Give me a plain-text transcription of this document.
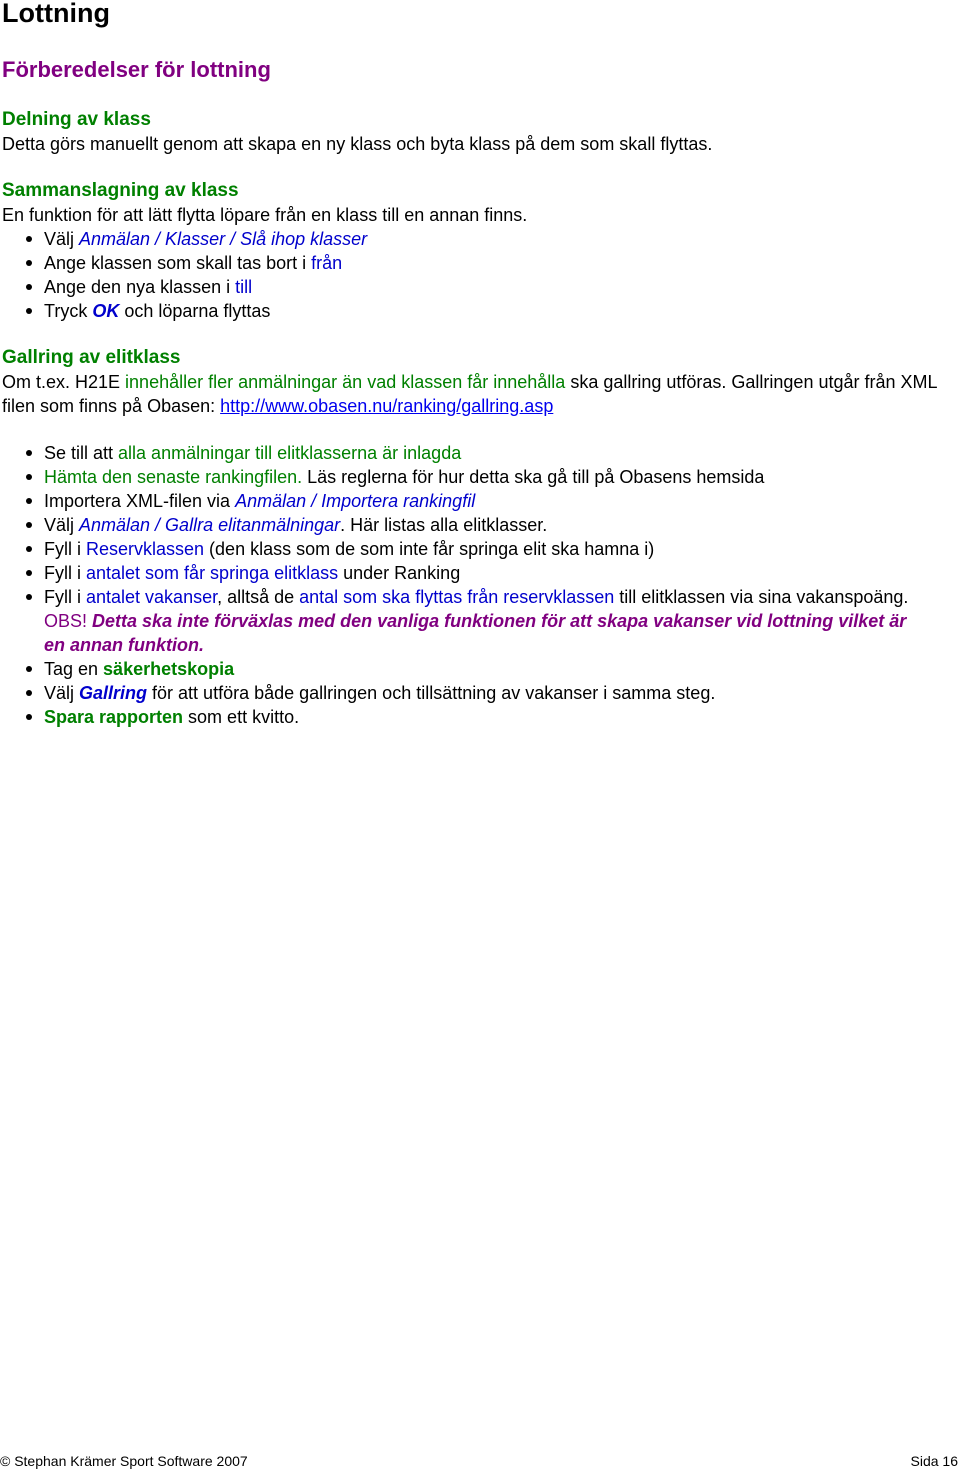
Lottning
Förberedelser för lottning
Delning av klass
Detta görs manuellt genom att skapa en ny klass och byta klass på dem som skall flyttas.
Sammanslagning av klass
En funktion för att lätt flytta löpare från en klass till en annan finns.
Välj Anmälan / Klasser / Slå ihop klasser
Ange klassen som skall tas bort i från
Ange den nya klassen i till
Tryck OK och löparna flyttas
Gallring av elitklass
Om t.ex. H21E innehåller fler anmälningar än vad klassen får innehålla ska gallring utföras. Gallringen utgår från XML filen som finns på Obasen: http://www.obasen.nu/ranking/gallring.asp
Se till att alla anmälningar till elitklasserna är inlagda
Hämta den senaste rankingfilen. Läs reglerna för hur detta ska gå till på Obasens hemsida
Importera XML-filen via Anmälan / Importera rankingfil
Välj Anmälan / Gallra elitanmälningar. Här listas alla elitklasser.
Fyll i Reservklassen (den klass som de som inte får springa elit ska hamna i)
Fyll i antalet som får springa elitklass under Ranking
Fyll i antalet vakanser, alltså de antal som ska flyttas från reservklassen till elitklassen via sina vakanspoäng. OBS! Detta ska inte förväxlas med den vanliga funktionen för att skapa vakanser vid lottning vilket är en annan funktion.
Tag en säkerhetskopia
Välj Gallring för att utföra både gallringen och tillsättning av vakanser i samma steg.
Spara rapporten som ett kvitto.
© Stephan Krämer Sport Software 2007	Sida 16
